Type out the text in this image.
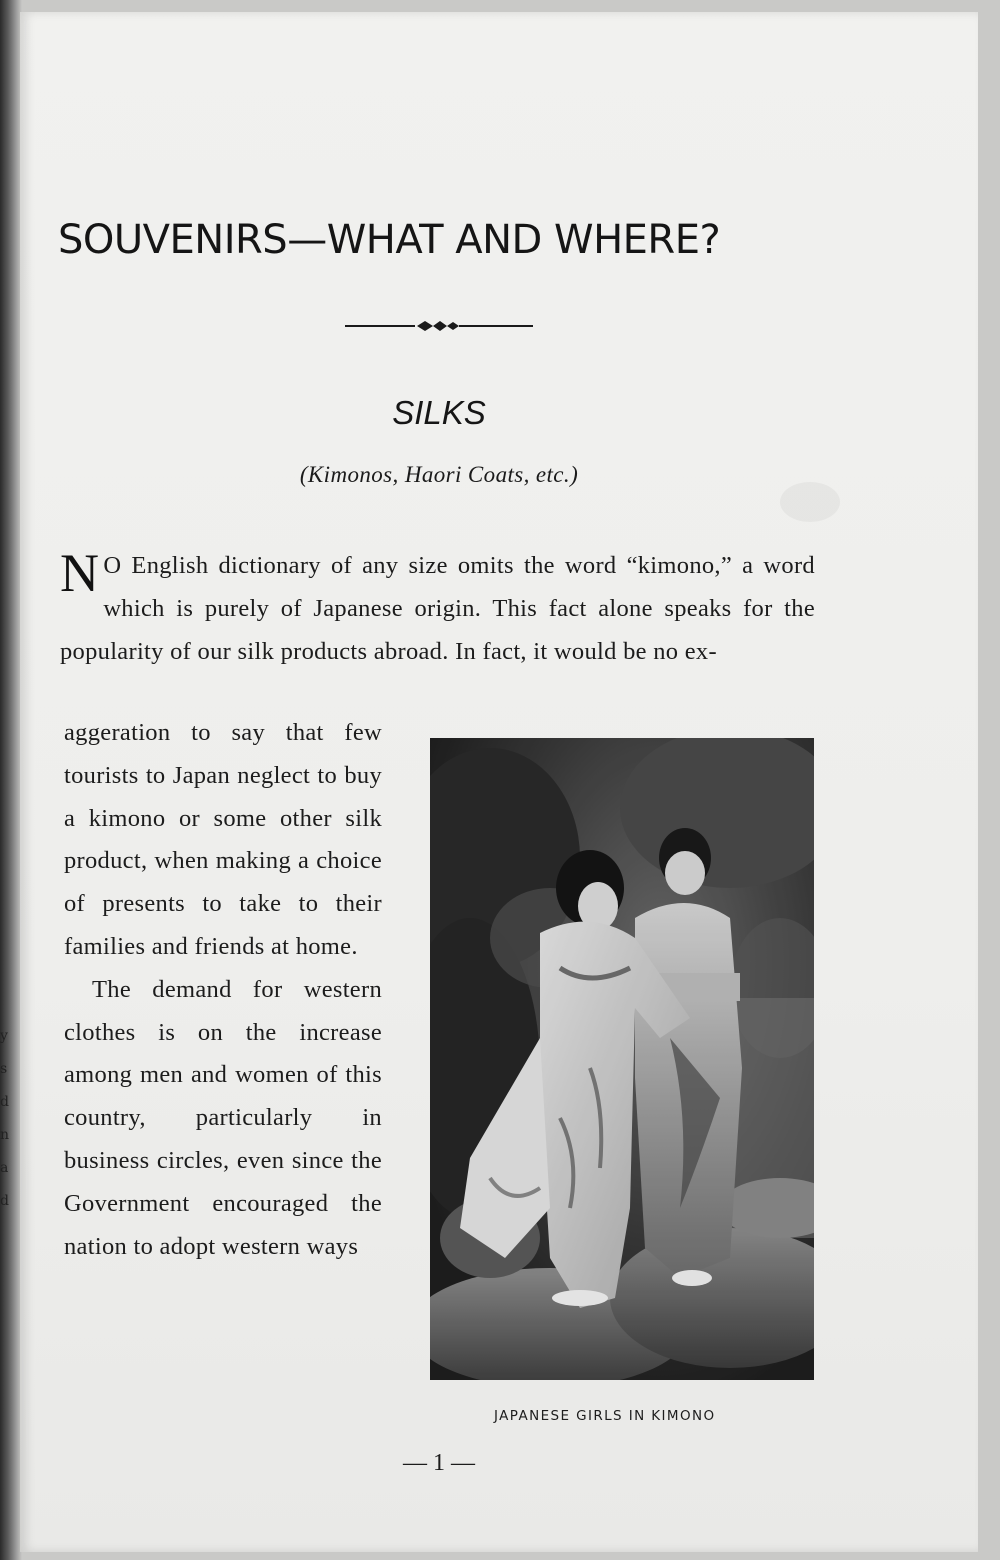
y
s
d
n
a
d
SOUVENIRS—WHAT AND WHERE?
SILKS

(Kimonos, Haori Coats, etc.)

N O English dictionary of any size omits the word “kimono,” a word which is purely of Japanese origin. This fact alone speaks for the popularity of our silk products abroad. In fact, it would be no ex-

aggeration to say that few tourists to Japan neglect to buy a kimono or some other silk product, when making a choice of presents to take to their families and friends at home.

The demand for western clothes is on the increase among men and women of this country, particularly in business circles, even since the Government encouraged the nation to adopt western ways

JAPANESE GIRLS IN KIMONO

— 1 —
